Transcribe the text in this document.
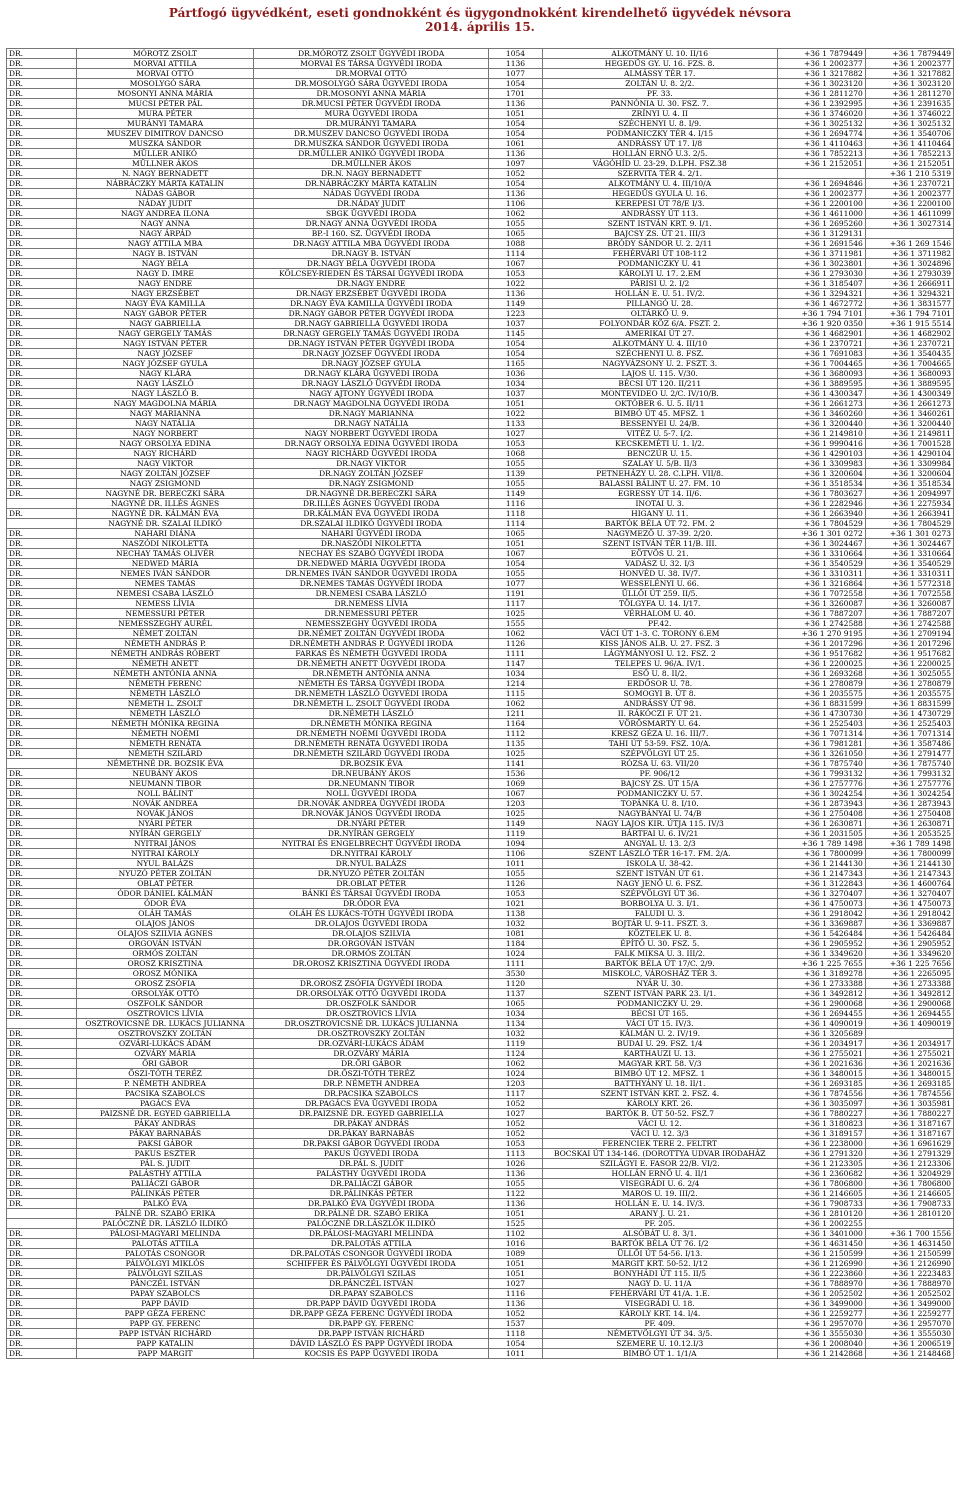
Pártfogó ügyvédként, eseti gondnokként és ügygondnokként kirendelhető ügyvédek névsora
2014. április 15.
DR.	MÓROTZ ZSOLT	DR.MÓROTZ ZSOLT ÜGYVÉDI IRODA	1054	ALKOTMÁNY U. 10. II/16	+36 1 7879449	+36 1 7879449
DR.	MORVAI ATTILA	MORVAI ÉS TÁRSA ÜGYVÉDI IRODA	1136	HEGEDŰS GY. U. 16. FZS. 8.	+36 1 2002377	+36 1 2002377
DR.	MORVAI OTTÓ	DR.MORVAI OTTÓ	1077	ALMÁSSY TÉR 17.	+36 1 3217882	+36 1 3217882
DR.	MOSOLYGÓ SÁRA	DR.MOSOLYGÓ SÁRA ÜGYVÉDI IRODA	1054	ZOLTÁN U. 8. 2/2.	+36 1 3023120	+36 1 3023120
DR.	MOSONYI ANNA MÁRIA	DR.MOSONYI ANNA MÁRIA	1701	PF. 33.	+36 1 2811270	+36 1 2811270
DR.	MUCSI PÉTER PÁL	DR.MUCSI PÉTER ÜGYVÉDI IRODA	1136	PANNÓNIA U. 30. FSZ. 7.	+36 1 2392995	+36 1 2391635
DR.	MURA PÉTER	MURA ÜGYVÉDI IRODA	1051	ZRÍNYI U. 4. II	+36 1 3746020	+36 1 3746022
DR.	MURÁNYI TAMARA	DR.MURÁNYI TAMARA	1054	SZÉCHENYI U. 8. I/9.	+36 1 3025132	+36 1 3025132
DR.	MUSZEV DIMITROV DANCSO	DR.MUSZEV DANCSO ÜGYVÉDI IRODA	1054	PODMANICZKY TÉR 4. I/15	+36 1 2694774	+36 1 3540706
DR.	MUSZKA SÁNDOR	DR.MUSZKA SÁNDOR ÜGYVÉDI IRODA	1061	ANDRÁSSY ÚT 17. I/8	+36 1 4110463	+36 1 4110464
DR.	MÜLLER ANIKÓ	DR.MÜLLER ANIKÓ ÜGYVÉDI IRODA	1136	HOLLÁN ERNŐ U.3. 2/5.	+36 1 7852213	+36 1 7852213
DR.	MÜLLNER ÁKOS	DR.MÜLLNER ÁKOS	1097	VÁGÓHÍD U. 23-29. D.LPH. FSZ.38	+36 1 2152051	+36 1 2152051
DR.	N. NAGY BERNADETT	DR.N. NAGY BERNADETT	1052	SZERVITA TÉR 4. 2/1.		+36 1 210 5319
DR.	NÁBRÁCZKY MÁRTA KATALIN	DR.NÁBRÁCZKY MÁRTA KATALIN	1054	ALKOTMÁNY U. 4. III/10/A	+36 1 2694846	+36 1 2370721
DR.	NÁDAS GÁBOR	NÁDAS ÜGYVÉDI IRODA	1136	HEGEDŰS GYULA U. 16.	+36 1 2002377	+36 1 2002377
DR.	NÁDAY JUDIT	DR.NÁDAY JUDIT	1106	KEREPESI ÚT 78/E I/3.	+36 1 2200100	+36 1 2200100
DR.	NAGY ANDREA ILONA	SBGK ÜGYVÉDI IRODA	1062	ANDRÁSSY ÚT 113.	+36 1 4611000	+36 1 4611099
DR.	NAGY ANNA	DR.NAGY ANNA ÜGYVÉDI IRODA	1055	SZENT ISTVÁN KRT. 9. I/1.	+36 1 2695260	+36 1 3027314
DR.	NAGY ÁRPÁD	BP.-I 160. SZ. ÜGYVÉDI IRODA	1065	BAJCSY ZS. ÚT 21. III/3	+36 1 3129131	
DR.	NAGY ATTILA MBA	DR.NAGY ATTILA MBA ÜGYVÉDI IRODA	1088	BRÓDY SÁNDOR U. 2. 2/11	+36 1 2691546	+36 1 269 1546
DR.	NAGY B. ISTVÁN	DR.NAGY B. ISTVÁN	1114	FEHÉRVÁRI ÚT 108-112	+36 1 3711981	+36 1 3711982
DR.	NAGY BÉLA	DR.NAGY BÉLA ÜGYVÉDI IRODA	1067	PODMANICZKY U. 41	+36 1 3023801	+36 1 3024896
DR.	NAGY D. IMRE	KÖLCSEY-RIEDEN ÉS TÁRSAI ÜGYVÉDI IRODA	1053	KÁROLYI U. 17. 2.EM	+36 1 2793030	+36 1 2793039
DR.	NAGY ENDRE	DR.NAGY ENDRE	1022	PÁRISI U. 2. I/2	+36 1 3185407	+36 1 2666911
DR.	NAGY ERZSÉBET	DR.NAGY ERZSÉBET ÜGYVÉDI IRODA	1136	HOLLÁN E. U. 51. IV/2.	+36 1 3294321	+36 1 3294321
DR.	NAGY ÉVA KAMILLA	DR.NAGY ÉVA KAMILLA ÜGYVÉDI IRODA	1149	PILLANGÓ U. 28.	+36 1 4672772	+36 1 3831577
DR.	NAGY GÁBOR PÉTER	DR.NAGY GÁBOR PÉTER ÜGYVÉDI IRODA	1223	OLTÁRKŐ U. 9.	+36 1 794 7101	+36 1 794 7101
DR.	NAGY GABRIELLA	DR.NAGY GABRIELLA ÜGYVÉDI IRODA	1037	FOLYONDÁR KÖZ 6/A. FSZT. 2.	+36 1 920 0350	+36 1 915 5514
DR.	NAGY GERGELY TAMÁS	DR.NAGY GERGELY TAMÁS ÜGYVÉDI IRODA	1145	AMERIKAI ÚT 27.	+36 1 4682901	+36 1 4682902
DR.	NAGY ISTVÁN PÉTER	DR.NAGY ISTVÁN PÉTER ÜGYVÉDI IRODA	1054	ALKOTMÁNY U. 4. III/10	+36 1 2370721	+36 1 2370721
DR.	NAGY JÓZSEF	DR.NAGY JÓZSEF ÜGYVÉDI IRODA	1054	SZÉCHENYI U. 8. FSZ.	+36 1 7691083	+36 1 3540435
DR.	NAGY JÓZSEF GYULA	DR.NAGY JÓZSEF GYULA	1165	NAGYVÁZSONY U. 2. FSZT. 3.	+36 1 7004465	+36 1 7004665
DR.	NAGY KLÁRA	DR.NAGY KLÁRA ÜGYVÉDI IRODA	1036	LAJOS U. 115. V/30.	+36 1 3680093	+36 1 3680093
DR.	NAGY LÁSZLÓ	DR.NAGY LÁSZLÓ ÜGYVÉDI IRODA	1034	BÉCSI ÚT 120. II/211	+36 1 3889595	+36 1 3889595
DR.	NAGY LÁSZLÓ B.	NAGY AJTONY ÜGYVÉDI IRODA	1037	MONTEVIDEO U. 2/C. IV/10/B.	+36 1 4300347	+36 1 4300349
DR.	NAGY MAGDOLNA MÁRIA	DR.NAGY MAGDOLNA ÜGYVÉDI IRODA	1051	OKTÓBER 6. U. 5. II/11	+36 1 2661273	+36 1 2661273
DR.	NAGY MARIANNA	DR.NAGY MARIANNA	1022	BIMBÓ ÚT 45. MFSZ. 1	+36 1 3460260	+36 1 3460261
DR.	NAGY NATÁLIA	DR.NAGY NATÁLIA	1133	BESSENYEI U. 24/B.	+36 1 3200440	+36 1 3200440
DR.	NAGY NORBERT	NAGY NORBERT ÜGYVÉDI IRODA	1027	VITÉZ U. 5-7. I/2.	+36 1 2149810	+36 1 2149811
DR.	NAGY ORSOLYA EDINA	DR.NAGY ORSOLYA EDINA ÜGYVÉDI IRODA	1053	KECSKEMÉTI U. 1. I/2.	+36 1 9990416	+36 1 7001528
DR.	NAGY RICHÁRD	NAGY RICHÁRD ÜGYVÉDI IRODA	1068	BENCZÚR U. 15.	+36 1 4290103	+36 1 4290104
DR.	NAGY VIKTOR	DR.NAGY VIKTOR	1055	SZALAY U. 5/B. II/3	+36 1 3309983	+36 1 3309984
DR.	NAGY ZOLTÁN JÓZSEF	DR.NAGY ZOLTÁN JÓZSEF	1139	PETNEHÁZY U. 28. C.LPH. VII/8.	+36 1 3200604	+36 1 3200604
DR.	NAGY ZSIGMOND	DR.NAGY ZSIGMOND	1055	BALASSI BÁLINT U. 27. FM. 10	+36 1 3518534	+36 1 3518534
DR.	NAGYNÉ DR. BERECZKI SÁRA	DR.NAGYNÉ DR.BERECZKI SÁRA	1149	EGRESSY ÚT 14. II/6.	+36 1 7803627	+36 1 2094997
	NAGYNÉ DR. ILLÉS ÁGNES	DR.ILLÉS ÁGNES ÜGYVÉDI IRODA	1116	INOTAI U. 3.	+36 1 2282946	+36 1 2275934
DR.	NAGYNÉ DR. KÁLMÁN ÉVA	DR.KÁLMÁN ÉVA ÜGYVÉDI IRODA	1118	HIGANY U. 11.	+36 1 2663940	+36 1 2663941
	NAGYNÉ DR. SZALAI ILDIKÓ	DR.SZALAI ILDIKÓ ÜGYVÉDI IRODA	1114	BARTÓK BÉLA ÚT 72. FM. 2	+36 1 7804529	+36 1 7804529
DR.	NAHARI DIÁNA	NAHARI ÜGYVÉDI IRODA	1065	NAGYMEZŐ U. 37-39. 2/20.	+36 1 301 0272	+36 1 301 0273
DR.	NASZÓDI NIKOLETTA	DR.NASZÓDI NIKOLETTA	1051	SZENT ISTVÁN TÉR 11/B. III.	+36 1 3024467	+36 1 3024467
DR.	NECHAY TAMÁS OLIVÉR	NECHAY ÉS SZABÓ ÜGYVÉDI IRODA	1067	EÖTVÖS U. 21.	+36 1 3310664	+36 1 3310664
DR.	NEDWED MÁRIA	DR.NEDWED MÁRIA ÜGYVÉDI IRODA	1054	VADÁSZ U. 32. I/3	+36 1 3540529	+36 1 3540529
DR.	NEMES IVÁN SÁNDOR	DR.NEMES IVÁN SÁNDOR ÜGYVÉDI IRODA	1055	HONVÉD U. 38. IV/7.	+36 1 3310311	+36 1 3310311
DR.	NEMES TAMÁS	DR.NEMES TAMÁS ÜGYVÉDI IRODA	1077	WESSELÉNYI U. 66.	+36 1 3216864	+36 1 5772318
DR.	NEMESI CSABA LÁSZLÓ	DR.NEMESI CSABA LÁSZLÓ	1191	ÜLLŐI ÚT 259. II/5.	+36 1 7072558	+36 1 7072558
DR.	NEMESS LÍVIA	DR.NEMESS LÍVIA	1117	TÖLGYFA U. 14. I/17.	+36 1 3260087	+36 1 3260087
DR.	NEMESSURI PÉTER	DR.NEMESSURI PÉTER	1025	VÉRHALOM U. 40.	+36 1 7887207	+36 1 7887207
DR.	NEMESSZEGHY AURÉL	NEMESSZEGHY ÜGYVÉDI IRODA	1555	PF.42.	+36 1 2742588	+36 1 2742588
DR.	NÉMET ZOLTÁN	DR.NÉMET ZOLTÁN ÜGYVÉDI IRODA	1062	VÁCI ÚT 1-3. C. TORONY 6.EM	+36 1 270 9195	+36 1 2709194
DR.	NÉMETH ANDRÁS P.	DR.NÉMETH ANDRÁS P. ÜGYVÉDI IRODA	1126	KISS JÁNOS ALB. U. 27. FSZ. 3	+36 1 2017296	+36 1 2017296
DR.	NÉMETH ANDRÁS RÓBERT	FARKAS ÉS NÉMETH ÜGYVÉDI IRODA	1111	LÁGYMÁNYOSI U. 12. FSZ. 2	+36 1 9517682	+36 1 9517682
DR.	NÉMETH ANETT	DR.NÉMETH ANETT ÜGYVÉDI IRODA	1147	TELEPES U. 96/A. IV/1.	+36 1 2200025	+36 1 2200025
DR.	NÉMETH ANTÓNIA ANNA	DR.NÉMETH ANTÓNIA ANNA	1034	ESŐ U. 8. II/2.	+36 1 2693268	+36 1 3025055
DR.	NÉMETH FERENC	NÉMETH ÉS TÁRSA ÜGYVÉDI IRODA	1214	ERDŐSOR U. 78.	+36 1 2780879	+36 1 2780879
DR.	NÉMETH LÁSZLÓ	DR.NÉMETH LÁSZLÓ ÜGYVÉDI IRODA	1115	SOMOGYI B. ÚT 8.	+36 1 2035575	+36 1 2035575
DR.	NÉMETH L. ZSOLT	DR.NÉMETH L. ZSOLT ÜGYVÉDI IRODA	1062	ANDRÁSSY ÚT 98.	+36 1 8831599	+36 1 8831599
DR.	NÉMETH LÁSZLÓ	DR.NÉMETH LÁSZLÓ	1211	II. RÁKÓCZI F. ÚT 21.	+36 1 4730730	+36 1 4730729
DR.	NÉMETH MÓNIKA REGINA	DR.NÉMETH MÓNIKA REGINA	1164	VÖRÖSMARTY U. 64.	+36 1 2525403	+36 1 2525403
DR.	NÉMETH NOÉMI	DR.NÉMETH NOÉMI ÜGYVÉDI IRODA	1112	KRESZ GÉZA U. 16. III/7.	+36 1 7071314	+36 1 7071314
DR.	NÉMETH RENÁTA	DR.NÉMETH RENÁTA ÜGYVÉDI IRODA	1135	TAHI ÚT 53-59. FSZ. 10/A.	+36 1 7981281	+36 1 3587486
DR.	NÉMETH SZILÁRD	DR.NÉMETH SZILÁRD ÜGYVÉDI IRODA	1025	SZÉPVÖLGYI ÚT 25.	+36 1 3261050	+36 1 2791477
	NÉMETHNÉ DR. BOZSIK ÉVA	DR.BOZSIK ÉVA	1141	RÓZSA U. 63. VII/20	+36 1 7875740	+36 1 7875740
DR.	NEUBÁNY ÁKOS	DR.NEUBÁNY ÁKOS	1536	PF. 906/12	+36 1 7993132	+36 1 7993132
DR.	NEUMANN TIBOR	DR.NEUMANN TIBOR	1069	BAJCSY ZS. ÚT 15/A	+36 1 2757776	+36 1 2757776
DR.	NOLL BÁLINT	NOLL ÜGYVÉDI IRODA	1067	PODMANICZKY U. 57.	+36 1 3024254	+36 1 3024254
DR.	NOVÁK ANDREA	DR.NOVÁK ANDREA ÜGYVÉDI IRODA	1203	TOPÁNKA U. 8. I/10.	+36 1 2873943	+36 1 2873943
DR.	NOVÁK JÁNOS	DR.NOVÁK JÁNOS ÜGYVÉDI IRODA	1025	NAGYBÁNYAI U. 74/B	+36 1 2750408	+36 1 2750408
DR.	NYÁRI PÉTER	DR.NYÁRI PÉTER	1149	NAGY LAJOS KIR. ÚTJA 115. IV/3	+36 1 2630871	+36 1 2630871
DR.	NYÍRÁN GERGELY	DR.NYÍRÁN GERGELY	1119	BÁRTFAI U. 6. IV/21	+36 1 2031505	+36 1 2053525
DR.	NYITRAI JÁNOS	NYITRAI ÉS ENGELBRECHT ÜGYVÉDI IRODA	1094	ANGYAL U. 13. 2/3	+36 1 789 1498	+36 1 789 1498
DR.	NYITRAI KÁROLY	DR.NYITRAI KÁROLY	1106	SZENT LÁSZLÓ TÉR 16-17. FM. 2/A.	+36 1 7800099	+36 1 7800099
DR.	NYUL BALÁZS	DR.NYUL BALÁZS	1011	ISKOLA U. 38-42.	+36 1 2144130	+36 1 2144130
DR.	NYUZÓ PÉTER ZOLTÁN	DR.NYUZÓ PÉTER ZOLTÁN	1055	SZENT ISTVÁN ÚT 61.	+36 1 2147343	+36 1 2147343
DR.	OBLAT PÉTER	DR.OBLAT PÉTER	1126	NAGY JENŐ U. 6. FSZ.	+36 1 3122843	+36 1 4600764
DR.	ÓDOR DÁNIEL KÁLMÁN	BÁNKI ÉS TÁRSAI ÜGYVÉDI IRODA	1053	SZÉPVÖLGYI ÚT 36.	+36 1 3270407	+36 1 3270407
DR.	ÓDOR ÉVA	DR.ÓDOR ÉVA	1021	BORBOLYA U. 3. I/1.	+36 1 4750073	+36 1 4750073
DR.	OLÁH TAMÁS	OLÁH ÉS LUKÁCS-TÓTH ÜGYVÉDI IRODA	1138	FALUDI U. 3.	+36 1 2918042	+36 1 2918042
DR.	OLAJOS JÁNOS	DR.OLAJOS ÜGYVÉDI IRODA	1032	BOJTÁR U. 9-11. FSZT. 3.	+36 1 3369887	+36 1 3369887
DR.	OLAJOS SZILVIA ÁGNES	DR.OLAJOS SZILVIA	1081	KÖZTELEK U. 8.	+36 1 5426484	+36 1 5426484
DR.	ORGOVÁN ISTVÁN	DR.ORGOVÁN ISTVÁN	1184	ÉPÍTŐ U. 30. FSZ. 5.	+36 1 2905952	+36 1 2905952
DR.	ORMÓS ZOLTÁN	DR.ORMÓS ZOLTÁN	1024	FALK MIKSA U. 3. III/2.	+36 1 3349620	+36 1 3349620
DR.	OROSZ KRISZTINA	DR.OROSZ KRISZTINA ÜGYVÉDI IRODA	1111	BARTÓK BÉLA ÚT 17/C. 2/9.	+36 1 225 7655	+36 1 225 7656
DR.	OROSZ MÓNIKA		3530	MISKOLC, VÁROSHÁZ TÉR 3.	+36 1 3189278	+36 1 2265095
DR.	OROSZ ZSÓFIA	DR.OROSZ ZSÓFIA ÜGYVÉDI IRODA	1120	NYÁR U. 30.	+36 1 2733388	+36 1 2733388
DR.	ORSOLYÁK OTTÓ	DR.ORSOLYÁK OTTÓ ÜGYVÉDI IRODA	1137	SZENT ISTVÁN PARK 23. I/1.	+36 1 3492812	+36 1 3492812
DR.	OSZFOLK SÁNDOR	DR.OSZFOLK SÁNDOR	1065	PODMANICZKY U. 29.	+36 1 2900068	+36 1 2900068
DR.	OSZTROVICS LÍVIA	DR.OSZTROVICS LÍVIA	1034	BÉCSI ÚT 165.	+36 1 2694455	+36 1 2694455
	OSZTROVICSNÉ DR. LUKÁCS JULIANNA	DR.OSZTROVICSNÉ DR. LUKÁCS JULIANNA	1134	VÁCI ÚT 15. IV/3.	+36 1 4090019	+36 1 4090019
DR.	OSZTROVSZKY ZOLTÁN	DR.OSZTROVSZKY ZOLTÁN	1032	KÁLMÁN U. 2. IV/19.	+36 1 3205689	
DR.	OZVÁRI-LUKÁCS ÁDÁM	DR.OZVÁRI-LUKÁCS ÁDÁM	1119	BUDAI U. 29. FSZ. 1/4	+36 1 2034917	+36 1 2034917
DR.	OZVÁRY MÁRIA	DR.OZVÁRY MÁRIA	1124	KARTHAUZI U. 13.	+36 1 2755021	+36 1 2755021
DR.	ŐRI GÁBOR	DR.ŐRI GÁBOR	1062	MAGYAR KRT. 58. V/3	+36 1 2021636	+36 1 2021636
DR.	ŐSZI-TÓTH TERÉZ	DR.ŐSZI-TÓTH TERÉZ	1024	BIMBÓ ÚT 12. MFSZ. 1	+36 1 3480015	+36 1 3480015
DR.	P. NÉMETH ANDREA	DR.P. NÉMETH ANDREA	1203	BATTHYÁNY U. 18. II/1.	+36 1 2693185	+36 1 2693185
DR.	PACSIKA SZABOLCS	DR.PACSIKA SZABOLCS	1117	SZENT ISTVÁN KRT. 2. FSZ. 4.	+36 1 7874556	+36 1 7874556
DR.	PAGÁCS ÉVA	DR.PAGÁCS ÉVA ÜGYVÉDI IRODA	1052	KÁROLY KRT. 26.	+36 1 3035097	+36 1 3035981
DR.	PAIZSNÉ DR. EGYED GABRIELLA	DR.PAIZSNÉ DR. EGYED GABRIELLA	1027	BARTÓK B. ÚT 50-52. FSZ.7	+36 1 7880227	+36 1 7880227
DR.	PÁKAY ANDRÁS	DR.PÁKAY ANDRÁS	1052	VÁCI U. 12.	+36 1 3180823	+36 1 3187167
DR.	PÁKAY BARNABÁS	DR.PÁKAY BARNABÁS	1052	VÁCI U. 12. 3/3	+36 1 3189157	+36 1 3187167
DR.	PAKSI GÁBOR	DR.PAKSI GÁBOR ÜGYVÉDI IRODA	1053	FERENCIEK TERE 2. FELTRT	+36 1 2238000	+36 1 6961629
DR.	PAKUS ESZTER	PAKUS ÜGYVÉDI IRODA	1113	BOCSKAI ÚT 134-146. (DOROTTYA UDVAR IRODAHÁZ	+36 1 2791320	+36 1 2791329
DR.	PÁL S. JUDIT	DR.PÁL S. JUDIT	1026	SZILÁGYI E. FASOR 22/B. VI/2.	+36 1 2123305	+36 1 2123306
DR.	PALÁSTHY ATTILA	PALÁSTHY ÜGYVÉDI IRODA	1136	HOLLÁN ERNŐ U. 4. II/1	+36 1 2360682	+36 1 3204929
DR.	PALIÁCZI GÁBOR	DR.PALIÁCZI GÁBOR	1055	VISEGRÁDI U. 6. 2/4	+36 1 7806800	+36 1 7806800
DR.	PÁLINKÁS PÉTER	DR.PÁLINKÁS PÉTER	1122	MAROS U. 19. III/2.	+36 1 2146605	+36 1 2146605
DR.	PALKÓ ÉVA	DR.PALKÓ ÉVA ÜGYVÉDI IRODA	1136	HOLLÁN E. U. 14. IV/3.	+36 1 7908733	+36 1 7908733
	PÁLNÉ DR. SZABÓ ERIKA	DR.PÁLNÉ DR. SZABÓ ERIKA	1051	ARANY J. U. 21.	+36 1 2810120	+36 1 2810120
	PALÓCZNÉ DR. LÁSZLÓ ILDIKÓ	PALÓCZNÉ DR.LÁSZLÓK ILDIKÓ	1525	PF. 205.	+36 1 2002255	
DR.	PÁLOSI-MAGYARI MELINDA	DR.PÁLOSI-MAGYARI MELINDA	1102	ALSÓBÁT U. 8. 3/1.	+36 1 3401000	+36 1 700 1556
DR.	PALOTÁS ATTILA	DR.PALOTÁS ATTILA	1016	BARTÓK BÉLA ÚT 76. I/2	+36 1 4631450	+36 1 4631450
DR.	PALOTÁS CSONGOR	DR.PALOTÁS CSONGOR ÜGYVÉDI IRODA	1089	ÜLLŐI ÚT 54-56. I/13.	+36 1 2150599	+36 1 2150599
DR.	PÁLVÖLGYI MIKLÓS	SCHIFFER ÉS PÁLVÖLGYI ÜGYVÉDI IRODA	1051	MARGIT KRT. 50-52. I/12	+36 1 2126990	+36 1 2126990
DR.	PÁLVÖLGYI SZILAS	DR.PÁLVÖLGYI SZILAS	1051	BONYHÁDI ÚT 115. II/5	+36 1 2223860	+36 1 2223483
DR.	PÁNCZÉL ISTVÁN	DR.PÁNCZÉL ISTVÁN	1027	NAGY D. U. 11/A	+36 1 7888970	+36 1 7888970
DR.	PAPAY SZABOLCS	DR.PAPAY SZABOLCS	1116	FEHÉRVÁRI ÚT 41/A. 1.E.	+36 1 2052502	+36 1 2052502
DR.	PAPP DÁVID	DR.PAPP DÁVID ÜGYVÉDI IRODA	1136	VISEGRÁDI U. 18.	+36 1 3499000	+36 1 3499000
DR.	PAPP GÉZA FERENC	DR.PAPP GÉZA FERENC ÜGYVÉDI IRODA	1052	KÁROLY KRT. 14. I/4.	+36 1 2259277	+36 1 2259277
DR.	PAPP GY. FERENC	DR.PAPP GY. FERENC	1537	PF. 409.	+36 1 2957070	+36 1 2957070
DR.	PAPP ISTVÁN RICHÁRD	DR.PAPP ISTVÁN RICHÁRD	1118	NÉMETVÖLGYI ÚT 34. 3/5.	+36 1 3555030	+36 1 3555030
DR.	PAPP KATALIN	DÁVID LÁSZLÓ ÉS PAPP ÜGYVÉDI IRODA	1054	SZEMERE U. 10.12.I/3	+36 1 2008040	+36 1 2006519
DR.	PAPP MARGIT	KOCSIS ÉS PAPP ÜGYVÉDI IRODA	1011	BIMBÓ ÚT 1. 1/1/A	+36 1 2142868	+36 1 2148468
